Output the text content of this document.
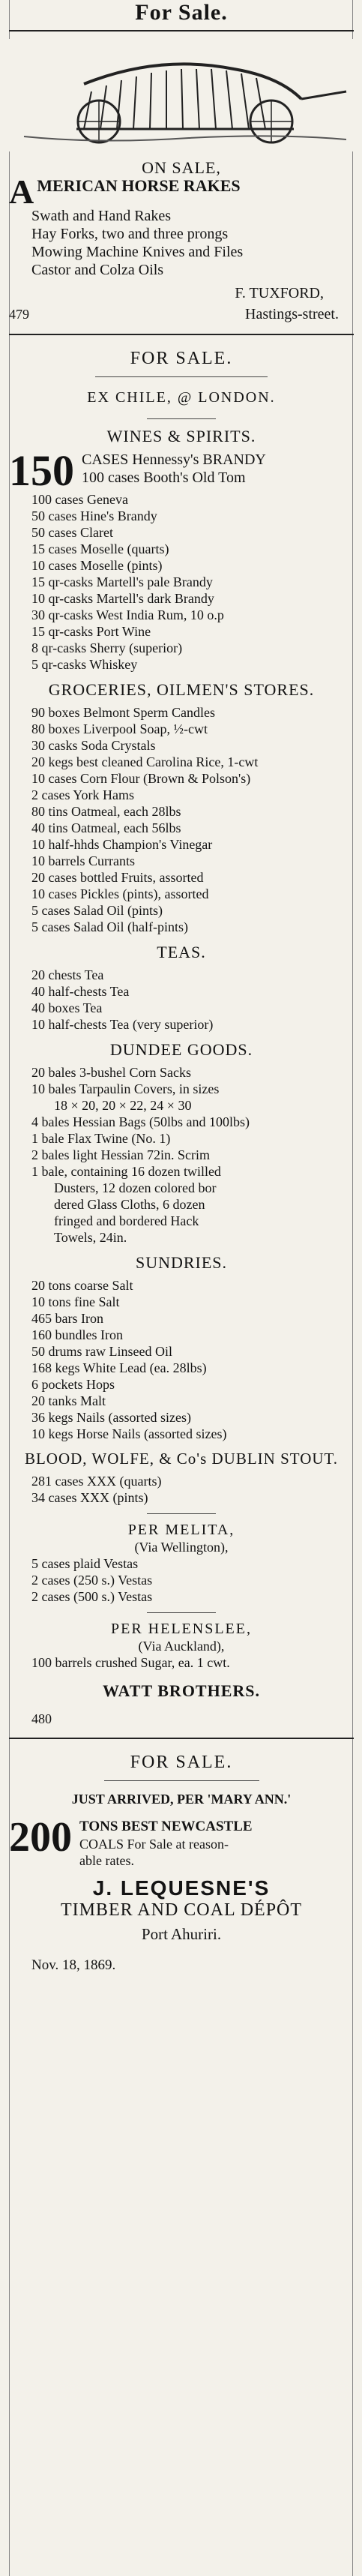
For Sale.
ON SALE,
A MERICAN HORSE RAKES
Swath and Hand Rakes
Hay Forks, two and three prongs
Mowing Machine Knives and Files
Castor and Colza Oils
F. TUXFORD,
479	Hastings-street.
FOR SALE.
EX CHILE, @ LONDON.
WINES & SPIRITS.
150 CASES Hennessy's BRANDY
100 cases Booth's Old Tom
100 cases Geneva
50 cases Hine's Brandy
50 cases Claret
15 cases Moselle (quarts)
10 cases Moselle (pints)
15 qr-casks Martell's pale Brandy
10 qr-casks Martell's dark Brandy
30 qr-casks West India Rum, 10 o.p
15 qr-casks Port Wine
8 qr-casks Sherry (superior)
5 qr-casks Whiskey
GROCERIES, OILMEN'S STORES.
90 boxes Belmont Sperm Candles
80 boxes Liverpool Soap, ½-cwt
30 casks Soda Crystals
20 kegs best cleaned Carolina Rice, 1-cwt
10 cases Corn Flour (Brown & Polson's)
2 cases York Hams
80 tins Oatmeal, each 28lbs
40 tins Oatmeal, each 56lbs
10 half-hhds Champion's Vinegar
10 barrels Currants
20 cases bottled Fruits, assorted
10 cases Pickles (pints), assorted
5 cases Salad Oil (pints)
5 cases Salad Oil (half-pints)
TEAS.
20 chests Tea
40 half-chests Tea
40 boxes Tea
10 half-chests Tea (very superior)
DUNDEE GOODS.
20 bales 3-bushel Corn Sacks
10 bales Tarpaulin Covers, in sizes
18 × 20, 20 × 22, 24 × 30
4 bales Hessian Bags (50lbs and 100lbs)
1 bale Flax Twine (No. 1)
2 bales light Hessian 72in. Scrim
1 bale, containing 16 dozen twilled
Dusters, 12 dozen colored bor
dered Glass Cloths, 6 dozen
fringed and bordered Hack
Towels, 24in.
SUNDRIES.
20 tons coarse Salt
10 tons fine Salt
465 bars Iron
160 bundles Iron
50 drums raw Linseed Oil
168 kegs White Lead (ea. 28lbs)
6 pockets Hops
20 tanks Malt
36 kegs Nails (assorted sizes)
10 kegs Horse Nails (assorted sizes)
BLOOD, WOLFE, & Co's DUBLIN STOUT.
281 cases XXX (quarts)
34 cases XXX (pints)
PER MELITA,
(Via Wellington),
5 cases plaid Vestas
2 cases (250 s.) Vestas
2 cases (500 s.) Vestas
PER HELENSLEE,
(Via Auckland),
100 barrels crushed Sugar, ea. 1 cwt.
WATT BROTHERS.
480
FOR SALE.
JUST ARRIVED, PER 'MARY ANN.'
200 TONS BEST NEWCASTLE
COALS For Sale at reason-
able rates.
J. LEQUESNE'S
TIMBER AND COAL DÉPÔT
Port Ahuriri.
Nov. 18, 1869.
